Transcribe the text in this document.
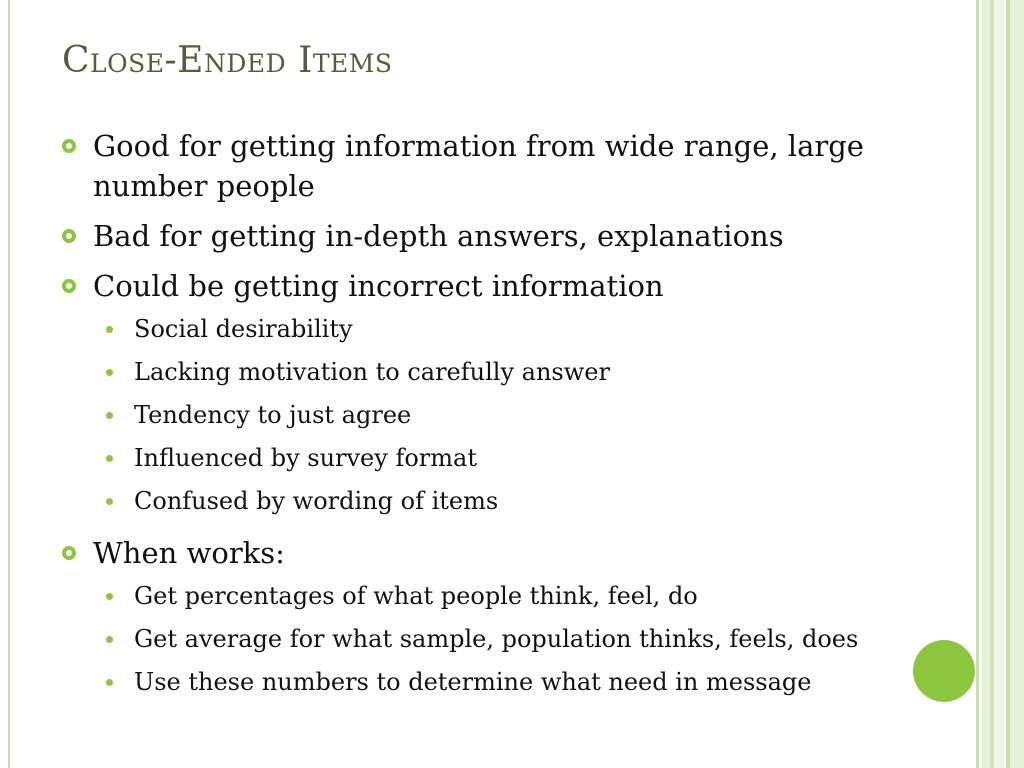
Close-Ended Items
Good for getting information from wide range, large number people
Bad for getting in-depth answers, explanations
Could be getting incorrect information
Social desirability
Lacking motivation to carefully answer
Tendency to just agree
Influenced by survey format
Confused by wording of items
When works:
Get percentages of what people think, feel, do
Get average for what sample, population thinks, feels, does
Use these numbers to determine what need in message
